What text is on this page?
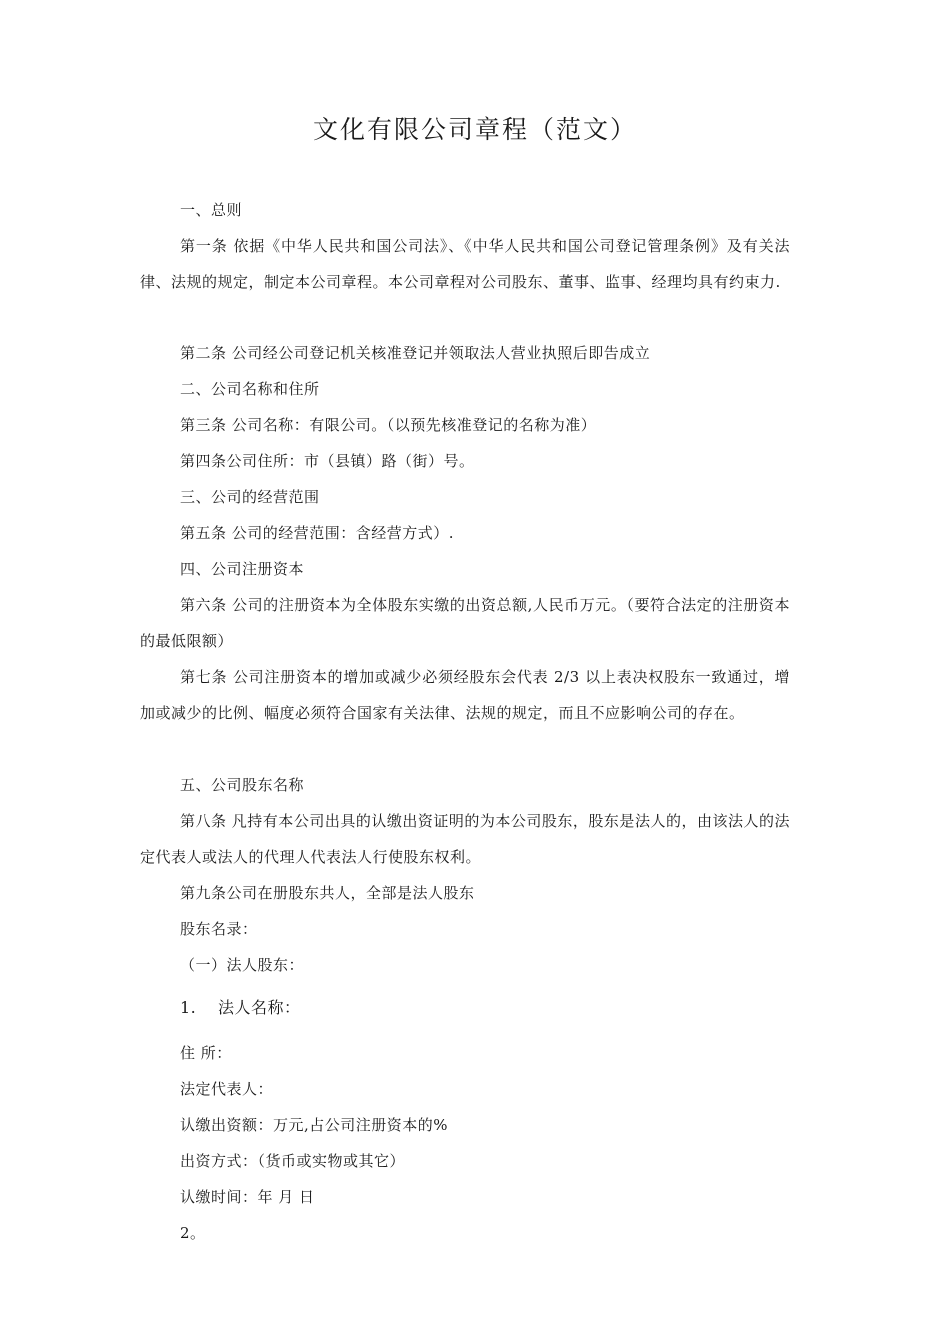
文化有限公司章程（范文）

一、总则

第一条 依据《中华人民共和国公司法》、《中华人民共和国公司登记管理条例》及有关法律、法规的规定，制定本公司章程。本公司章程对公司股东、董事、监事、经理均具有约束力.

第二条 公司经公司登记机关核准登记并领取法人营业执照后即告成立

二、公司名称和住所

第三条 公司名称：有限公司。（以预先核准登记的名称为准）

第四条公司住所：市（县镇）路（街）号。

三、公司的经营范围

第五条 公司的经营范围：含经营方式）.

四、公司注册资本

第六条 公司的注册资本为全体股东实缴的出资总额,人民币万元。（要符合法定的注册资本的最低限额）

第七条 公司注册资本的增加或减少必须经股东会代表 2/3 以上表决权股东一致通过，增加或减少的比例、幅度必须符合国家有关法律、法规的规定，而且不应影响公司的存在。

五、公司股东名称

第八条 凡持有本公司出具的认缴出资证明的为本公司股东，股东是法人的，由该法人的法定代表人或法人的代理人代表法人行使股东权利。

第九条公司在册股东共人，全部是法人股东

股东名录：

（一）法人股东：

1. 法人名称：

住 所：

法定代表人：

认缴出资额：万元,占公司注册资本的%

出资方式：（货币或实物或其它）

认缴时间：年 月 日

2。
